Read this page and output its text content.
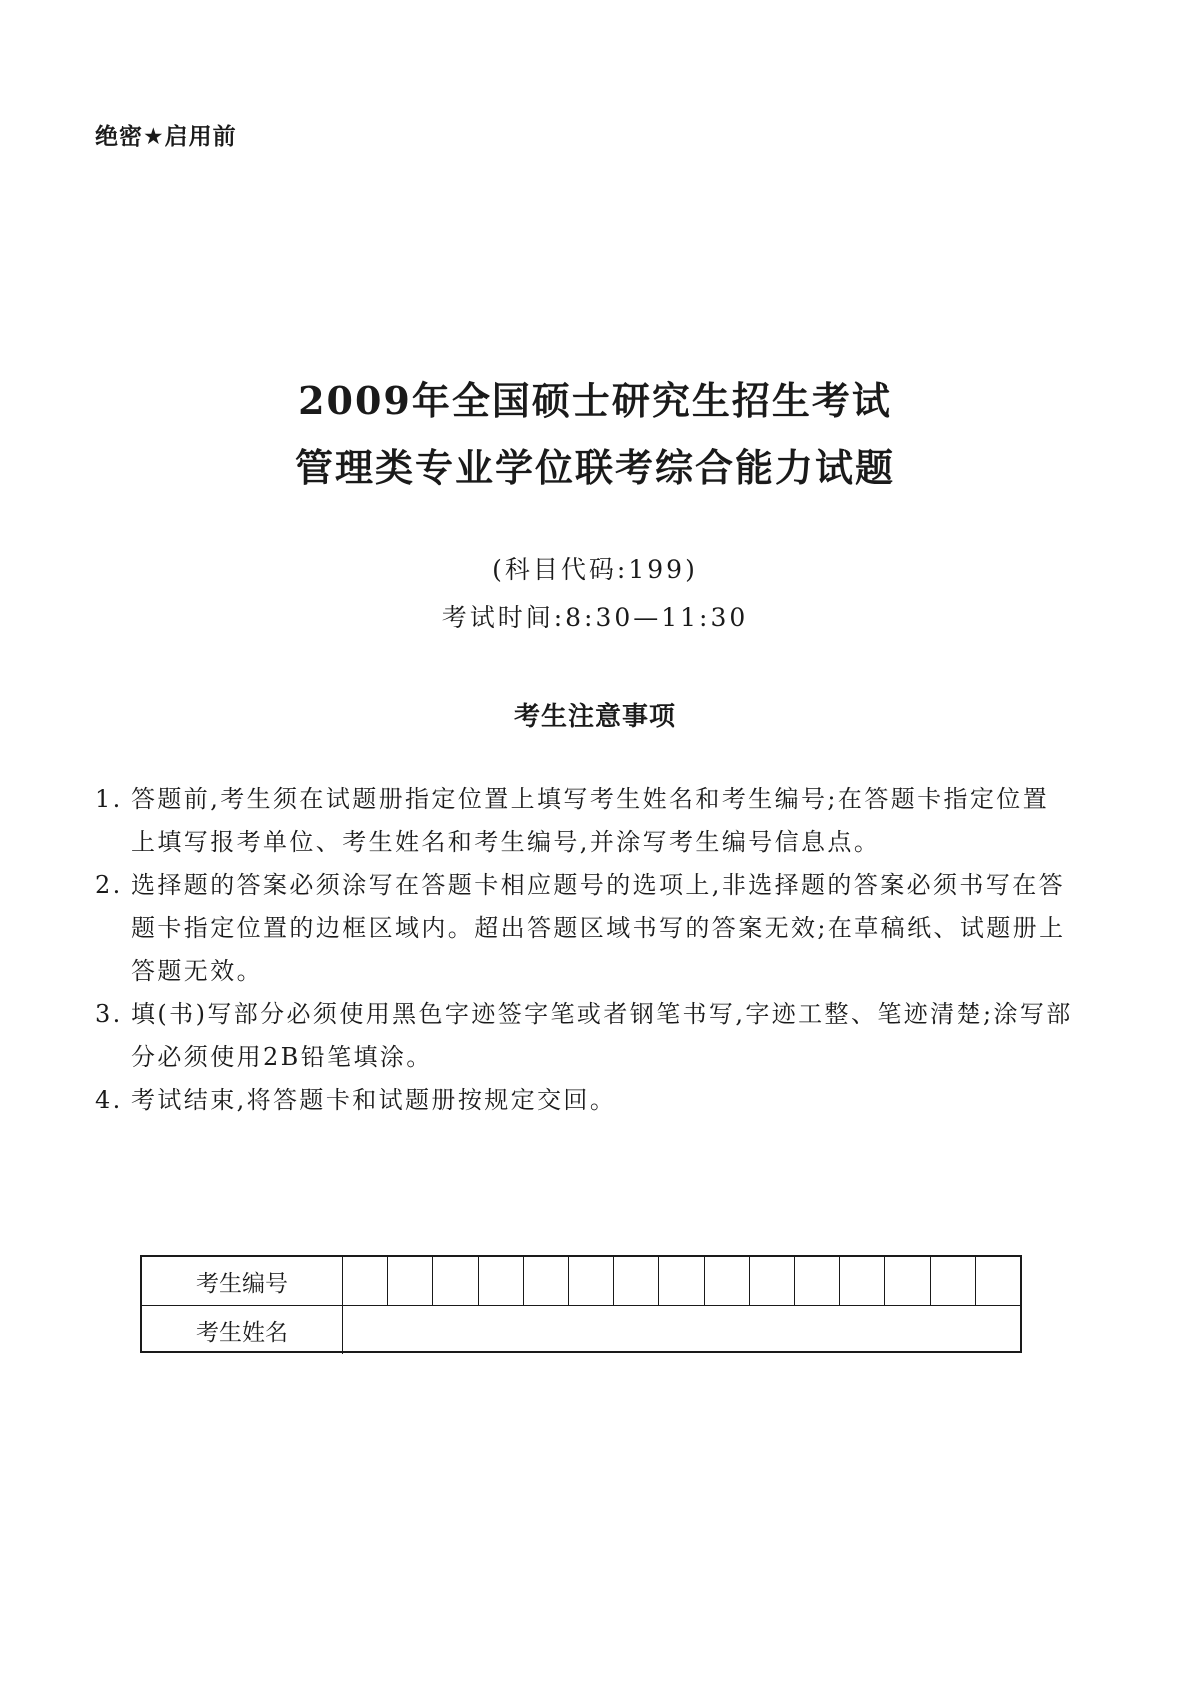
绝密★启用前
2009年全国硕士研究生招生考试
管理类专业学位联考综合能力试题
(科目代码:199)
考试时间:8:30—11:30
考生注意事项
1. 答题前,考生须在试题册指定位置上填写考生姓名和考生编号;在答题卡指定位置上填写报考单位、考生姓名和考生编号,并涂写考生编号信息点。
2. 选择题的答案必须涂写在答题卡相应题号的选项上,非选择题的答案必须书写在答题卡指定位置的边框区域内。超出答题区域书写的答案无效;在草稿纸、试题册上答题无效。
3. 填(书)写部分必须使用黑色字迹签字笔或者钢笔书写,字迹工整、笔迹清楚;涂写部分必须使用2B铅笔填涂。
4. 考试结束,将答题卡和试题册按规定交回。
考生编号
考生姓名
